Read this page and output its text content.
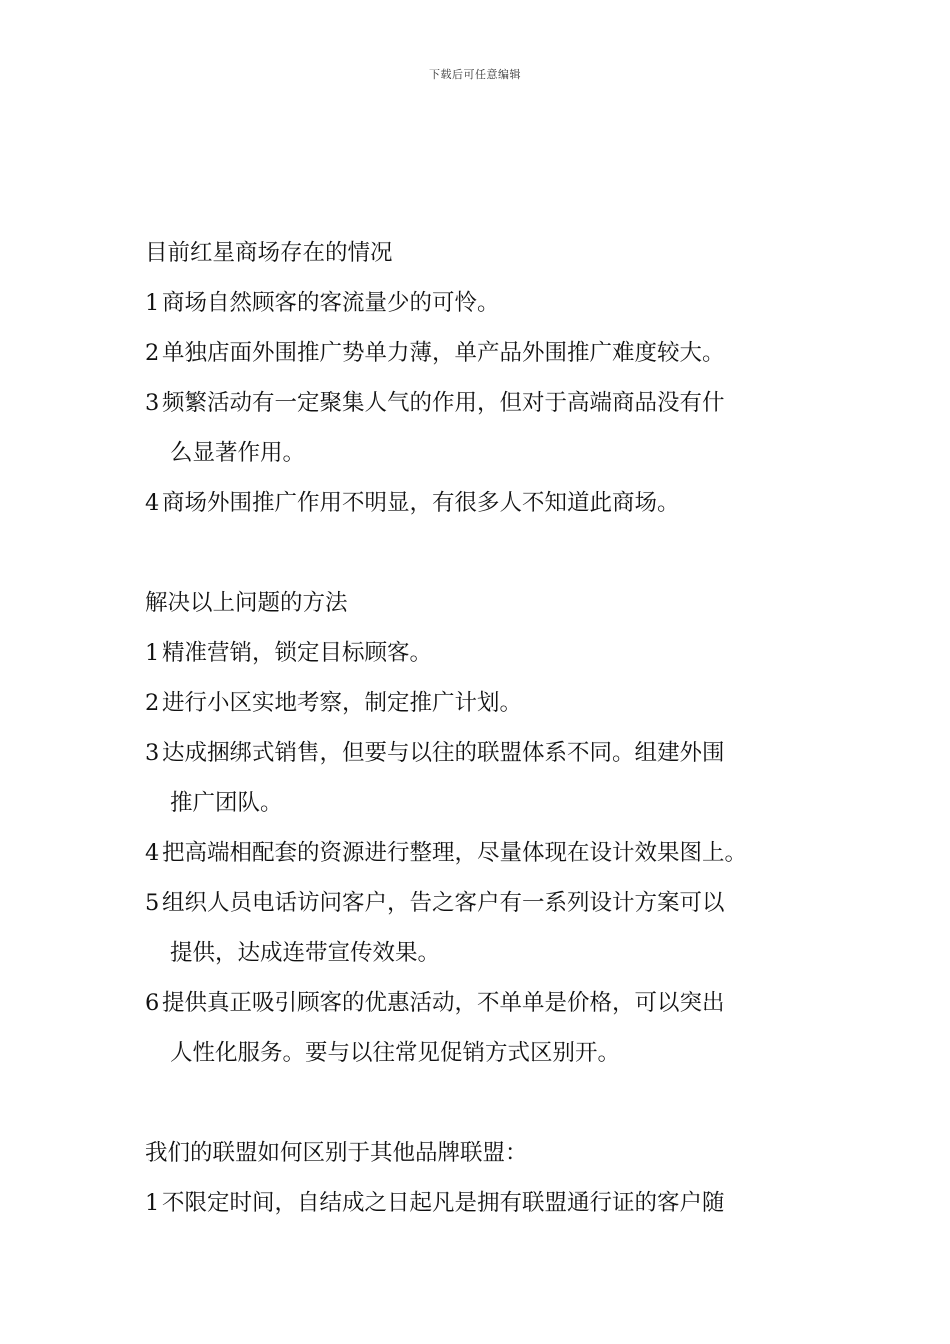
下载后可任意编辑

目前红星商场存在的情况

1 商场自然顾客的客流量少的可怜。

2 单独店面外围推广势单力薄，单产品外围推广难度较大。

3 频繁活动有一定聚集人气的作用，但对于高端商品没有什

么显著作用。

4 商场外围推广作用不明显，有很多人不知道此商场。

解决以上问题的方法

1 精准营销，锁定目标顾客。

2 进行小区实地考察，制定推广计划。

3 达成捆绑式销售，但要与以往的联盟体系不同。组建外围

推广团队。

4 把高端相配套的资源进行整理，尽量体现在设计效果图上。

5 组织人员电话访问客户，告之客户有一系列设计方案可以

提供，达成连带宣传效果。

6 提供真正吸引顾客的优惠活动，不单单是价格，可以突出

人性化服务。要与以往常见促销方式区别开。

我们的联盟如何区别于其他品牌联盟：

1 不限定时间，自结成之日起凡是拥有联盟通行证的客户随
